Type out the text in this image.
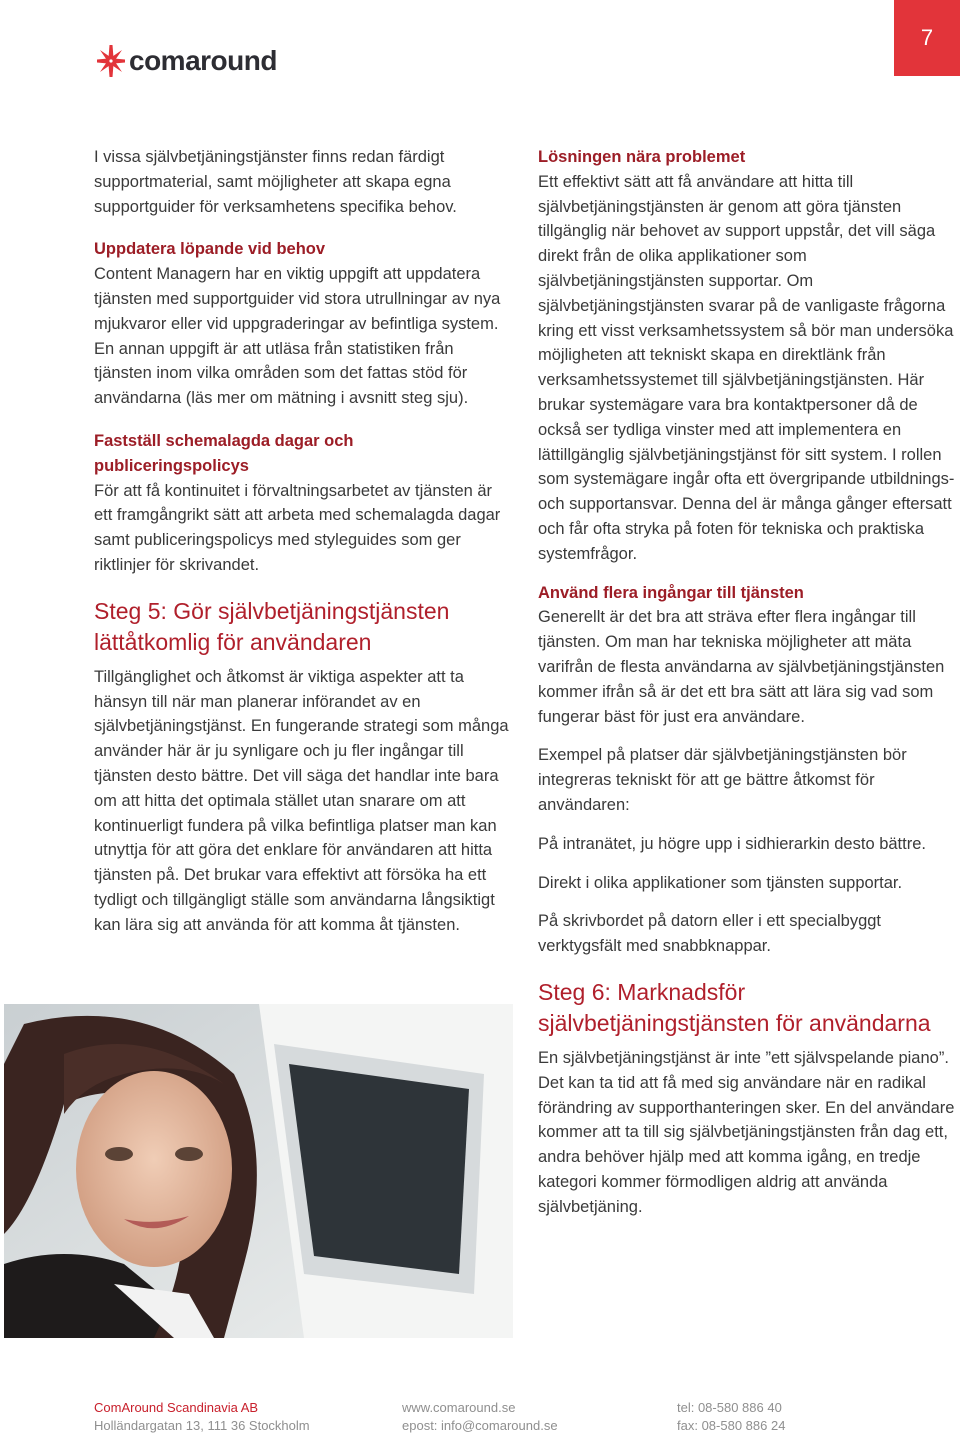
7
comaround

I vissa självbetjäningstjänster finns redan färdigt supportmaterial, samt möjligheter att skapa egna supportguider för verksamhetens specifika behov.

Uppdatera löpande vid behov

Content Managern har en viktig uppgift att uppdatera tjänsten med supportguider vid stora utrullningar av nya mjukvaror eller vid uppgraderingar av befintliga system. En annan uppgift är att utläsa från statistiken från tjänsten inom vilka områden som det fattas stöd för användarna (läs mer om mätning i avsnitt steg sju).

Fastställ schemalagda dagar och publiceringspolicys

För att få kontinuitet i förvaltningsarbetet av tjänsten är ett framgångrikt sätt att arbeta med schemalagda dagar samt publiceringspolicys med styleguides som ger riktlinjer för skrivandet.

Steg 5: Gör självbetjäningstjänsten lättåtkomlig för användaren

Tillgänglighet och åtkomst är viktiga aspekter att ta hänsyn till när man planerar införandet av en självbetjäningstjänst. En fungerande strategi som många använder här är ju synligare och ju fler ingångar till tjänsten desto bättre. Det vill säga det handlar inte bara om att hitta det optimala stället utan snarare om att kontinuerligt fundera på vilka befintliga platser man kan utnyttja för att göra det enklare för användaren att hitta tjänsten på. Det brukar vara effektivt att försöka ha ett tydligt och tillgängligt ställe som användarna långsiktigt kan lära sig att använda för att komma åt tjänsten.

Lösningen nära problemet

Ett effektivt sätt att få användare att hitta till självbetjäningstjänsten är genom att göra tjänsten tillgänglig när behovet av support uppstår, det vill säga direkt från de olika applikationer som självbetjäningstjänsten supportar. Om självbetjäningstjänsten svarar på de vanligaste frågorna kring ett visst verksamhetssystem så bör man undersöka möjligheten att tekniskt skapa en direktlänk från verksamhetssystemet till självbetjäningstjänsten. Här brukar systemägare vara bra kontaktpersoner då de också ser tydliga vinster med att implementera en lättillgänglig självbetjäningstjänst för sitt system. I rollen som systemägare ingår ofta ett övergripande utbildnings- och supportansvar. Denna del är många gånger eftersatt och får ofta stryka på foten för tekniska och praktiska systemfrågor.

Använd flera ingångar till tjänsten

Generellt är det bra att sträva efter flera ingångar till tjänsten. Om man har tekniska möjligheter att mäta varifrån de flesta användarna av självbetjäningstjänsten kommer ifrån så är det ett bra sätt att lära sig vad som fungerar bäst för just era användare.

Exempel på platser där självbetjäningstjänsten bör integreras tekniskt för att ge bättre åtkomst för användaren:

På intranätet, ju högre upp i sidhierarkin desto bättre.

Direkt i olika applikationer som tjänsten supportar.

På skrivbordet på datorn eller i ett specialbyggt verktygsfält med snabbknappar.

Steg 6: Marknadsför självbetjäningstjänsten för användarna

En självbetjäningstjänst är inte ”ett självspelande piano”. Det kan ta tid att få med sig användare när en radikal förändring av supporthanteringen sker. En del användare kommer att ta till sig självbetjäningstjänsten från dag ett, andra behöver hjälp med att komma igång, en tredje kategori kommer förmodligen aldrig att använda självbetjäning.

ComAround Scandinavia AB
Holländargatan 13, 111 36 Stockholm
www.comaround.se
epost: info@comaround.se
tel: 08-580 886 40
fax: 08-580 886 24
